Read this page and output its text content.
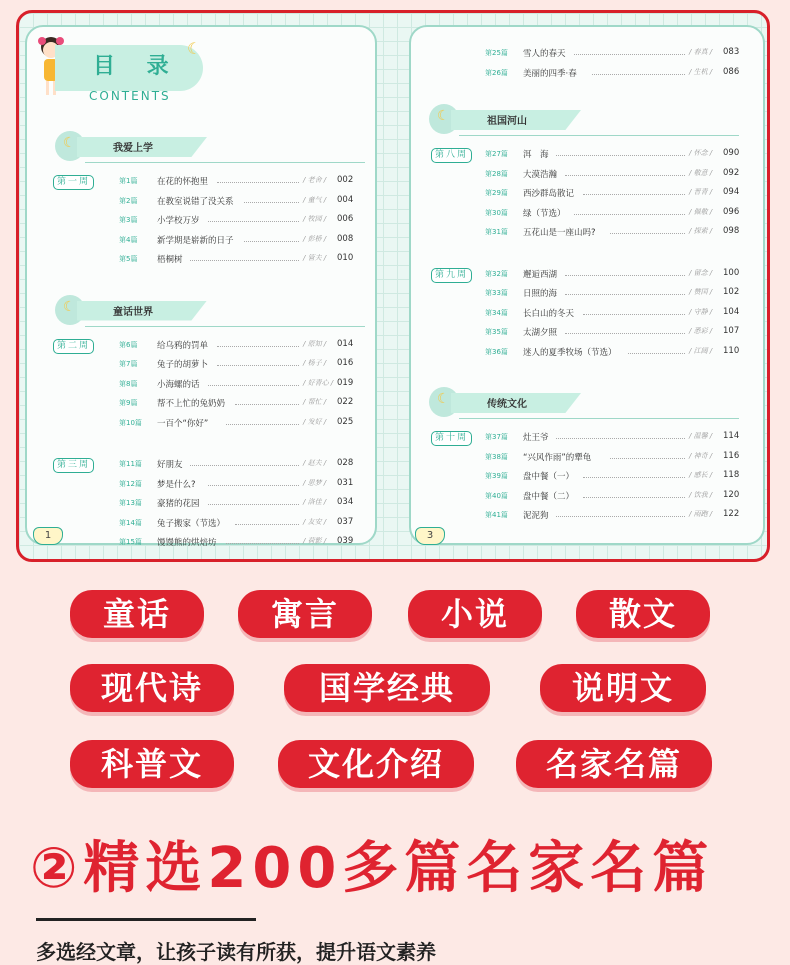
目 录
CONTENTS
☾
1
☾	我爱上学
第一周	第1篇 在花的怀抱里	/ 老舍 / 002
第2篇 在教室说错了没关系	/ 童气 / 004
第3篇 小学校万岁	/ 牧园 / 006
第4篇 新学期是崭新的日子	/ 彭桥 / 008
第5篇 梧桐树	/ 管夫 / 010
☾	童话世界
第二周	第6篇 给乌鸦的罚单	/ 原知 / 014
第7篇 兔子的胡萝卜	/ 杨子 / 016
第8篇 小海螺的话	/ 好青心 / 019
第9篇 帮不上忙的兔奶奶	/ 帮忙 / 022
第10篇 一百个“你好”	/ 发好 / 025
第三周	第11篇 好朋友	/ 赵夫 / 028
第12篇 梦是什么?	/ 思梦 / 031
第13篇 豪猪的花园	/ 洛佳 / 034
第14篇 兔子搬家（节选）	/ 友安 / 037
第15篇 馒馒熊的烘焙坊	/ 荷影 / 039	3
第25篇 雪人的春天	/ 春真 / 083
第26篇 美丽的四季·春	/ 生机 / 086
☾	祖国河山
第八周	第27篇 洱　海	/ 怀念 / 090
第28篇 大漠浩瀚	/ 敬意 / 092
第29篇 西沙群岛散记	/ 晋青 / 094
第30篇 绿（节选）	/ 佩敬 / 096
第31篇 五花山是一座山吗?	/ 探索 / 098
第九周	第32篇 邂逅西湖	/ 留念 / 100
第33篇 日照的海	/ 赞国 / 102
第34篇 长白山的冬天	/ 守静 / 104
第35篇 太湖夕照	/ 悉彩 / 107
第36篇 迷人的夏季牧场（节选）	/ 江阔 / 110
☾	传统文化
第十周	第37篇 灶王爷	/ 温馨 / 114
第38篇 “兴风作雨”的犟龟	/ 神奇 / 116
第39篇 盘中餐（一）	/ 感长 / 118
第40篇 盘中餐（二）	/ 饮我 / 120
第41篇 泥泥狗	/ 雨跑 / 122
童话	寓言	小说	散文
现代诗	国学经典	说明文
科普文	文化介绍	名家名篇
②精选200多篇名家名篇
多选经文章，让孩子读有所获，提升语文素养
